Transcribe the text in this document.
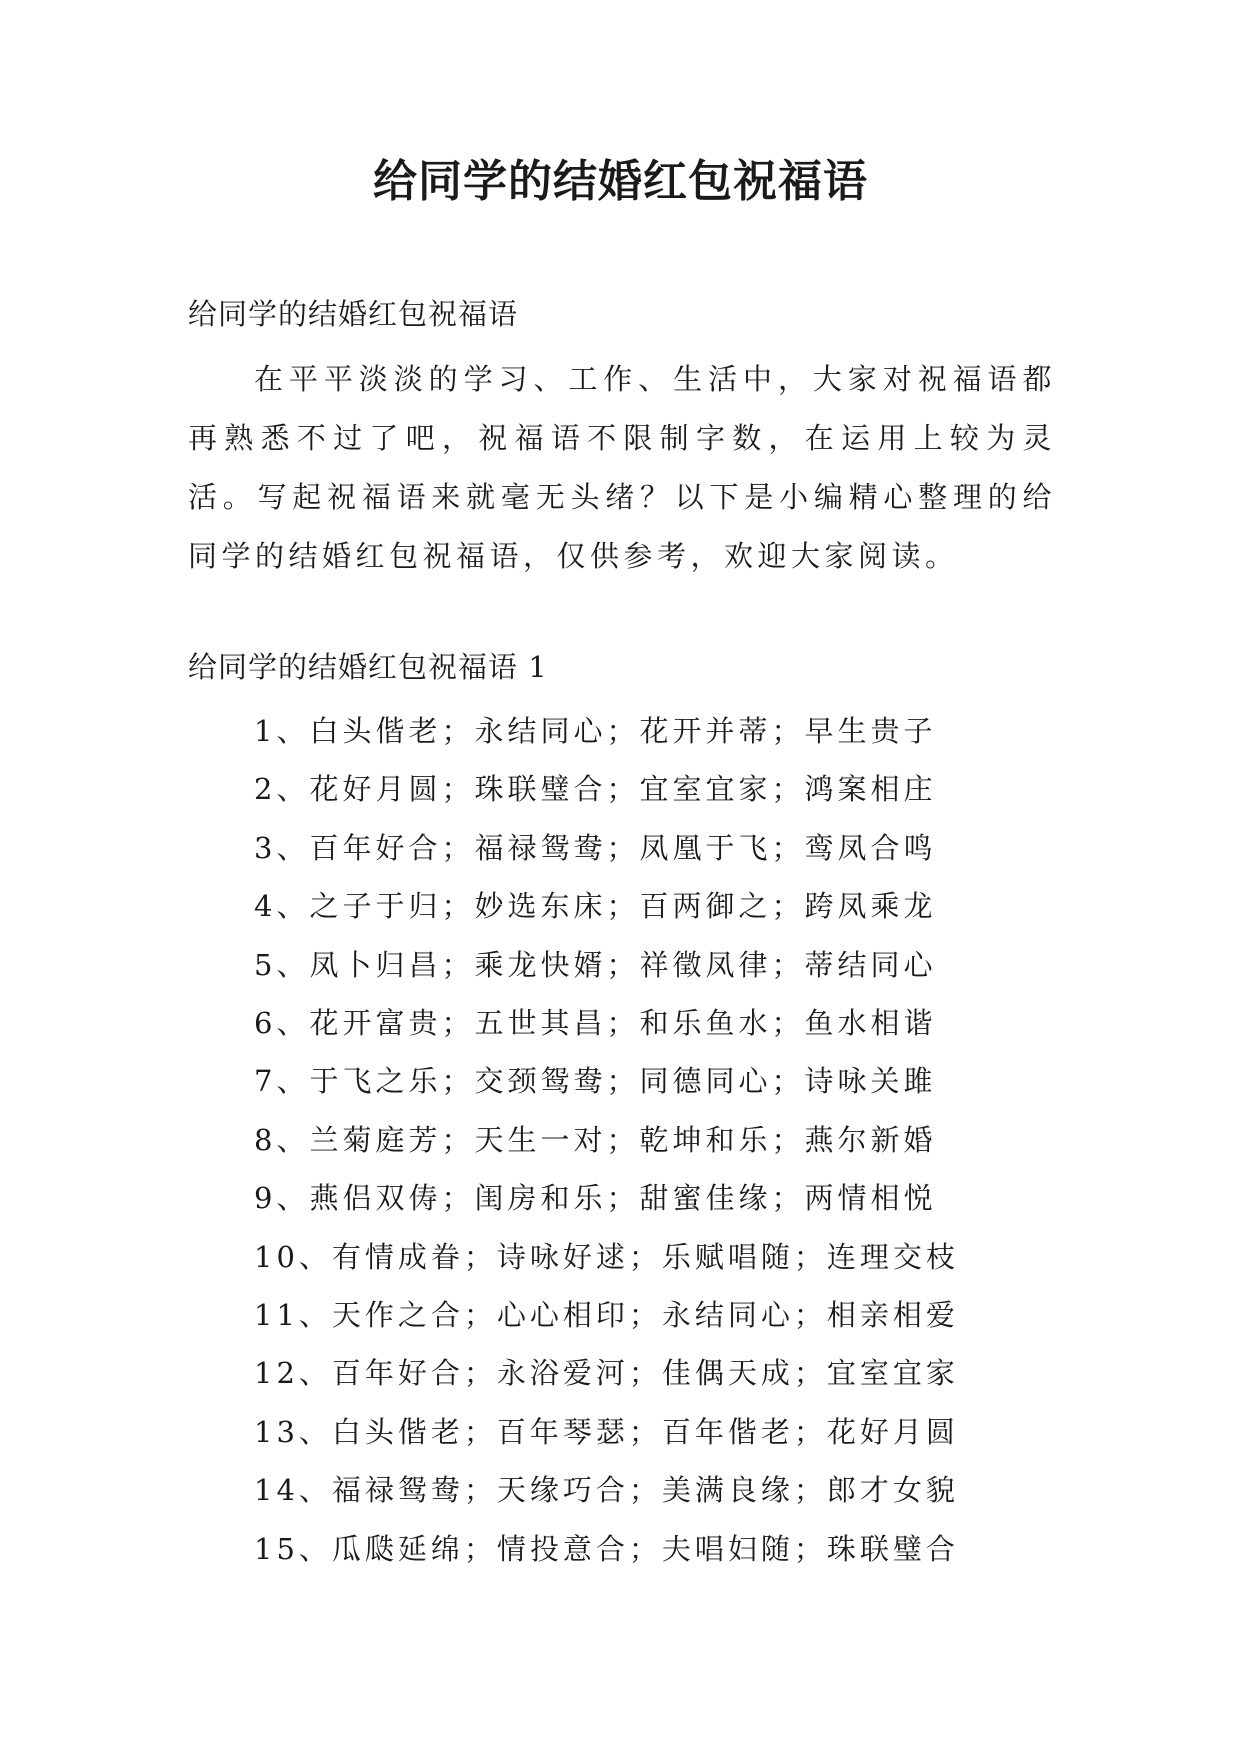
给同学的结婚红包祝福语

给同学的结婚红包祝福语

在平平淡淡的学习、工作、生活中，大家对祝福语都再熟悉不过了吧，祝福语不限制字数，在运用上较为灵活。写起祝福语来就毫无头绪？以下是小编精心整理的给同学的结婚红包祝福语，仅供参考，欢迎大家阅读。

给同学的结婚红包祝福语 1

1、白头偕老；永结同心；花开并蒂；早生贵子
2、花好月圆；珠联璧合；宜室宜家；鸿案相庄
3、百年好合；福禄鸳鸯；凤凰于飞；鸾凤合鸣
4、之子于归；妙选东床；百两御之；跨凤乘龙
5、凤卜归昌；乘龙快婿；祥徵凤律；蒂结同心
6、花开富贵；五世其昌；和乐鱼水；鱼水相谐
7、于飞之乐；交颈鸳鸯；同德同心；诗咏关雎
8、兰菊庭芳；天生一对；乾坤和乐；燕尔新婚
9、燕侣双俦；闺房和乐；甜蜜佳缘；两情相悦
10、有情成眷；诗咏好逑；乐赋唱随；连理交枝
11、天作之合；心心相印；永结同心；相亲相爱
12、百年好合；永浴爱河；佳偶天成；宜室宜家
13、白头偕老；百年琴瑟；百年偕老；花好月圆
14、福禄鸳鸯；天缘巧合；美满良缘；郎才女貌
15、瓜瓞延绵；情投意合；夫唱妇随；珠联璧合
